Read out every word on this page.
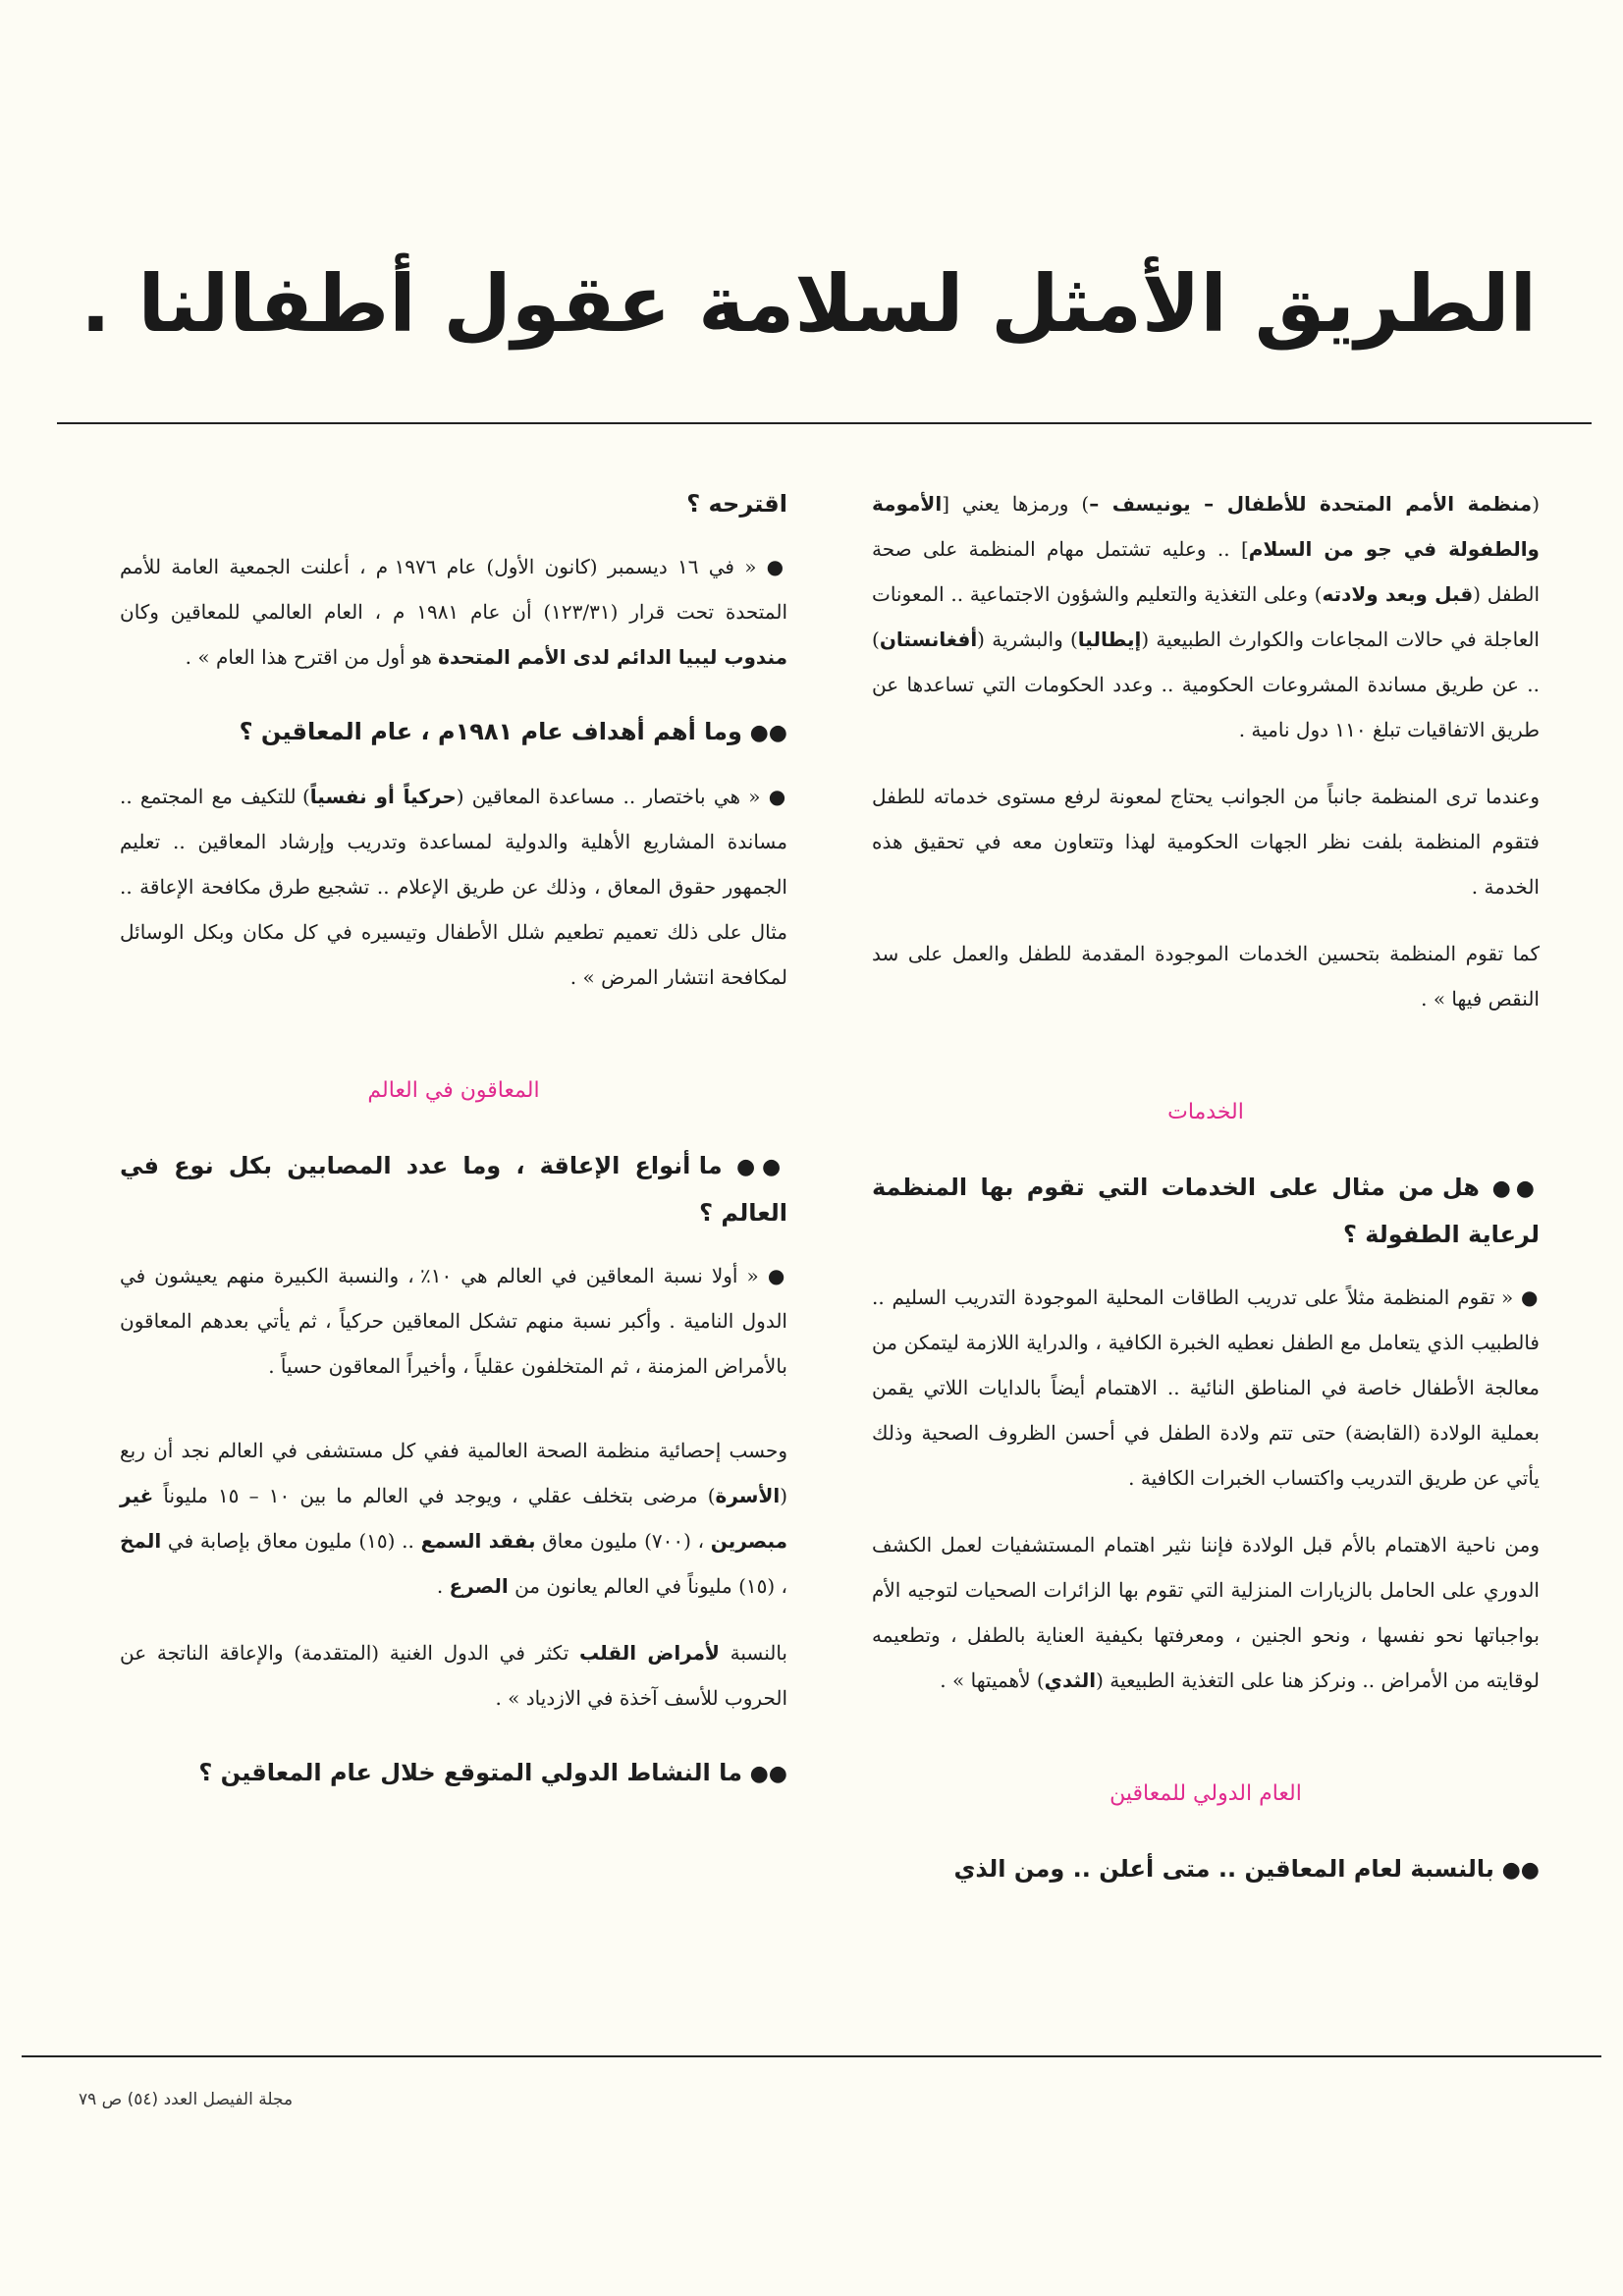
الطريق الأمثل لسلامة عقول أطفالنا .

(منظمة الأمم المتحدة للأطفال – يونيسف –) ورمزها يعني [الأمومة والطفولة في جو من السلام] .. وعليه تشتمل مهام المنظمة على صحة الطفل (قبل وبعد ولادته) وعلى التغذية والتعليم والشؤون الاجتماعية .. المعونات العاجلة في حالات المجاعات والكوارث الطبيعية (إيطاليا) والبشرية (أفغانستان) .. عن طريق مساندة المشروعات الحكومية .. وعدد الحكومات التي تساعدها عن طريق الاتفاقيات تبلغ ١١٠ دول نامية .

وعندما ترى المنظمة جانباً من الجوانب يحتاج لمعونة لرفع مستوى خدماته للطفل فتقوم المنظمة بلفت نظر الجهات الحكومية لهذا وتتعاون معه في تحقيق هذه الخدمة .

كما تقوم المنظمة بتحسين الخدمات الموجودة المقدمة للطفل والعمل على سد النقص فيها » .

الخدمات
●● هل من مثال على الخدمات التي تقوم بها المنظمة لرعاية الطفولة ؟

● « تقوم المنظمة مثلاً على تدريب الطاقات المحلية الموجودة التدريب السليم .. فالطبيب الذي يتعامل مع الطفل نعطيه الخبرة الكافية ، والدراية اللازمة ليتمكن من معالجة الأطفال خاصة في المناطق النائية .. الاهتمام أيضاً بالدايات اللاتي يقمن بعملية الولادة (القابضة) حتى تتم ولادة الطفل في أحسن الظروف الصحية وذلك يأتي عن طريق التدريب واكتساب الخبرات الكافية .

ومن ناحية الاهتمام بالأم قبل الولادة فإننا نثير اهتمام المستشفيات لعمل الكشف الدوري على الحامل بالزيارات المنزلية التي تقوم بها الزائرات الصحيات لتوجيه الأم بواجباتها نحو نفسها ، ونحو الجنين ، ومعرفتها بكيفية العناية بالطفل ، وتطعيمه لوقايته من الأمراض .. ونركز هنا على التغذية الطبيعية (الثدي) لأهميتها » .

العام الدولي للمعاقين
●● بالنسبة لعام المعاقين .. متى أعلن .. ومن الذي
اقترحه ؟

● « في ١٦ ديسمبر (كانون الأول) عام ١٩٧٦ م ، أعلنت الجمعية العامة للأمم المتحدة تحت قرار (١٢٣/٣١) أن عام ١٩٨١ م ، العام العالمي للمعاقين وكان مندوب ليبيا الدائم لدى الأمم المتحدة هو أول من اقترح هذا العام » .

●● وما أهم أهداف عام ١٩٨١م ، عام المعاقين ؟

● « هي باختصار .. مساعدة المعاقين (حركياً أو نفسياً) للتكيف مع المجتمع .. مساندة المشاريع الأهلية والدولية لمساعدة وتدريب وإرشاد المعاقين .. تعليم الجمهور حقوق المعاق ، وذلك عن طريق الإعلام .. تشجيع طرق مكافحة الإعاقة .. مثال على ذلك تعميم تطعيم شلل الأطفال وتيسيره في كل مكان وبكل الوسائل لمكافحة انتشار المرض » .

المعاقون في العالم
●● ما أنواع الإعاقة ، وما عدد المصابين بكل نوع في العالم ؟

● « أولا نسبة المعاقين في العالم هي ١٠٪ ، والنسبة الكبيرة منهم يعيشون في الدول النامية . وأكبر نسبة منهم تشكل المعاقين حركياً ، ثم يأتي بعدهم المعاقون بالأمراض المزمنة ، ثم المتخلفون عقلياً ، وأخيراً المعاقون حسياً .

وحسب إحصائية منظمة الصحة العالمية ففي كل مستشفى في العالم نجد أن ربع (الأسرة) مرضى بتخلف عقلي ، ويوجد في العالم ما بين ١٠ – ١٥ مليوناً غير مبصرين ، (٧٠٠) مليون معاق بفقد السمع .. (١٥) مليون معاق بإصابة في المخ ، (١٥) مليوناً في العالم يعانون من الصرع .

بالنسبة لأمراض القلب تكثر في الدول الغنية (المتقدمة) والإعاقة الناتجة عن الحروب للأسف آخذة في الازدياد » .

●● ما النشاط الدولي المتوقع خلال عام المعاقين ؟
مجلة الفيصل العدد (٥٤) ص ٧٩
